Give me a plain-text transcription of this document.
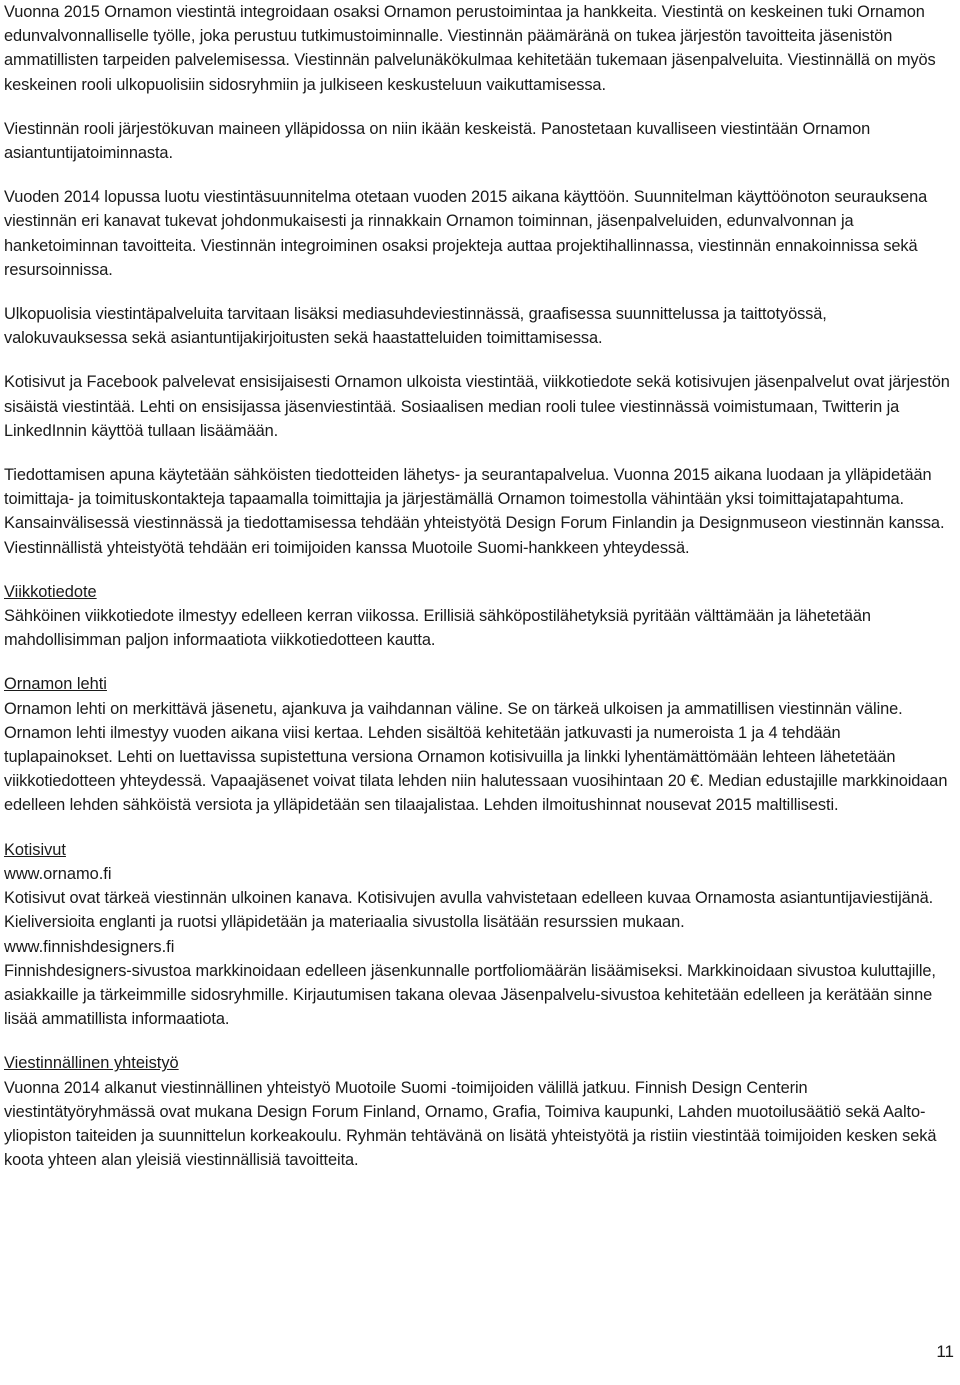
Vuonna 2015 Ornamon viestintä integroidaan osaksi Ornamon perustoimintaa ja hankkeita. Viestintä on keskeinen tuki Ornamon edunvalvonnalliselle työlle, joka perustuu tutkimustoiminnalle. Viestinnän päämäränä on tukea järjestön tavoitteita jäsenistön ammatillisten tarpeiden palvelemisessa. Viestinnän palvelunäkökulmaa kehitetään tukemaan jäsenpalveluita. Viestinnällä on myös keskeinen rooli ulkopuolisiin sidosryhmiin ja julkiseen keskusteluun vaikuttamisessa.

Viestinnän rooli järjestökuvan maineen ylläpidossa on niin ikään keskeistä. Panostetaan kuvalliseen viestintään Ornamon asiantuntijatoiminnasta.

Vuoden 2014 lopussa luotu viestintäsuunnitelma otetaan vuoden 2015 aikana käyttöön. Suunnitelman käyttöönoton seurauksena viestinnän eri kanavat tukevat johdonmukaisesti ja rinnakkain Ornamon toiminnan, jäsenpalveluiden, edunvalvonnan ja hanketoiminnan tavoitteita. Viestinnän integroiminen osaksi projekteja auttaa projektihallinnassa, viestinnän ennakoinnissa sekä resursoinnissa.

Ulkopuolisia viestintäpalveluita tarvitaan lisäksi mediasuhdeviestinnässä, graafisessa suunnittelussa ja taittotyössä, valokuvauksessa sekä asiantuntijakirjoitusten sekä haastatteluiden toimittamisessa.

Kotisivut ja Facebook palvelevat ensisijaisesti Ornamon ulkoista viestintää, viikkotiedote sekä kotisivujen jäsenpalvelut ovat järjestön sisäistä viestintää. Lehti on ensisijassa jäsenviestintää. Sosiaalisen median rooli tulee viestinnässä voimistumaan, Twitterin ja LinkedInnin käyttöä tullaan lisäämään.

Tiedottamisen apuna käytetään sähköisten tiedotteiden lähetys- ja seurantapalvelua. Vuonna 2015 aikana luodaan ja ylläpidetään toimittaja- ja toimituskontakteja tapaamalla toimittajia ja järjestämällä Ornamon toimestolla vähintään yksi toimittajatapahtuma. Kansainvälisessä viestinnässä ja tiedottamisessa tehdään yhteistyötä Design Forum Finlandin ja Designmuseon viestinnän kanssa. Viestinnällistä yhteistyötä tehdään eri toimijoiden kanssa Muotoile Suomi-hankkeen yhteydessä.

Viikkotiedote

Sähköinen viikkotiedote ilmestyy edelleen kerran viikossa. Erillisiä sähköpostilähetyksiä pyritään välttämään ja lähetetään mahdollisimman paljon informaatiota viikkotiedotteen kautta.

Ornamon lehti

Ornamon lehti on merkittävä jäsenetu, ajankuva ja vaihdannan väline. Se on tärkeä ulkoisen ja ammatillisen viestinnän väline. Ornamon lehti ilmestyy vuoden aikana viisi kertaa. Lehden sisältöä kehitetään jatkuvasti ja numeroista 1 ja 4 tehdään tuplapainokset. Lehti on luettavissa supistettuna versiona Ornamon kotisivuilla ja linkki lyhentämättömään lehteen lähetetään viikkotiedotteen yhteydessä. Vapaajäsenet voivat tilata lehden niin halutessaan vuosihintaan 20 €. Median edustajille markkinoidaan edelleen lehden sähköistä versiota ja ylläpidetään sen tilaajalistaa. Lehden ilmoitushinnat nousevat 2015 maltillisesti.

Kotisivut

www.ornamo.fi

Kotisivut ovat tärkeä viestinnän ulkoinen kanava. Kotisivujen avulla vahvistetaan edelleen kuvaa Ornamosta asiantuntijaviestijänä. Kieliversioita englanti ja ruotsi ylläpidetään ja materiaalia sivustolla lisätään resurssien mukaan.

www.finnishdesigners.fi

Finnishdesigners-sivustoa markkinoidaan edelleen jäsenkunnalle portfoliomäärän lisäämiseksi. Markkinoidaan sivustoa kuluttajille, asiakkaille ja tärkeimmille sidosryhmille. Kirjautumisen takana olevaa Jäsenpalvelu-sivustoa kehitetään edelleen ja kerätään sinne lisää ammatillista informaatiota.

Viestinnällinen yhteistyö

Vuonna 2014 alkanut viestinnällinen yhteistyö Muotoile Suomi -toimijoiden välillä jatkuu. Finnish Design Centerin viestintätyöryhmässä ovat mukana Design Forum Finland, Ornamo, Grafia, Toimiva kaupunki, Lahden muotoilusäätiö sekä Aalto-yliopiston taiteiden ja suunnittelun korkeakoulu. Ryhmän tehtävänä on lisätä yhteistyötä ja ristiin viestintää toimijoiden kesken sekä koota yhteen alan yleisiä viestinnällisiä tavoitteita.

11
